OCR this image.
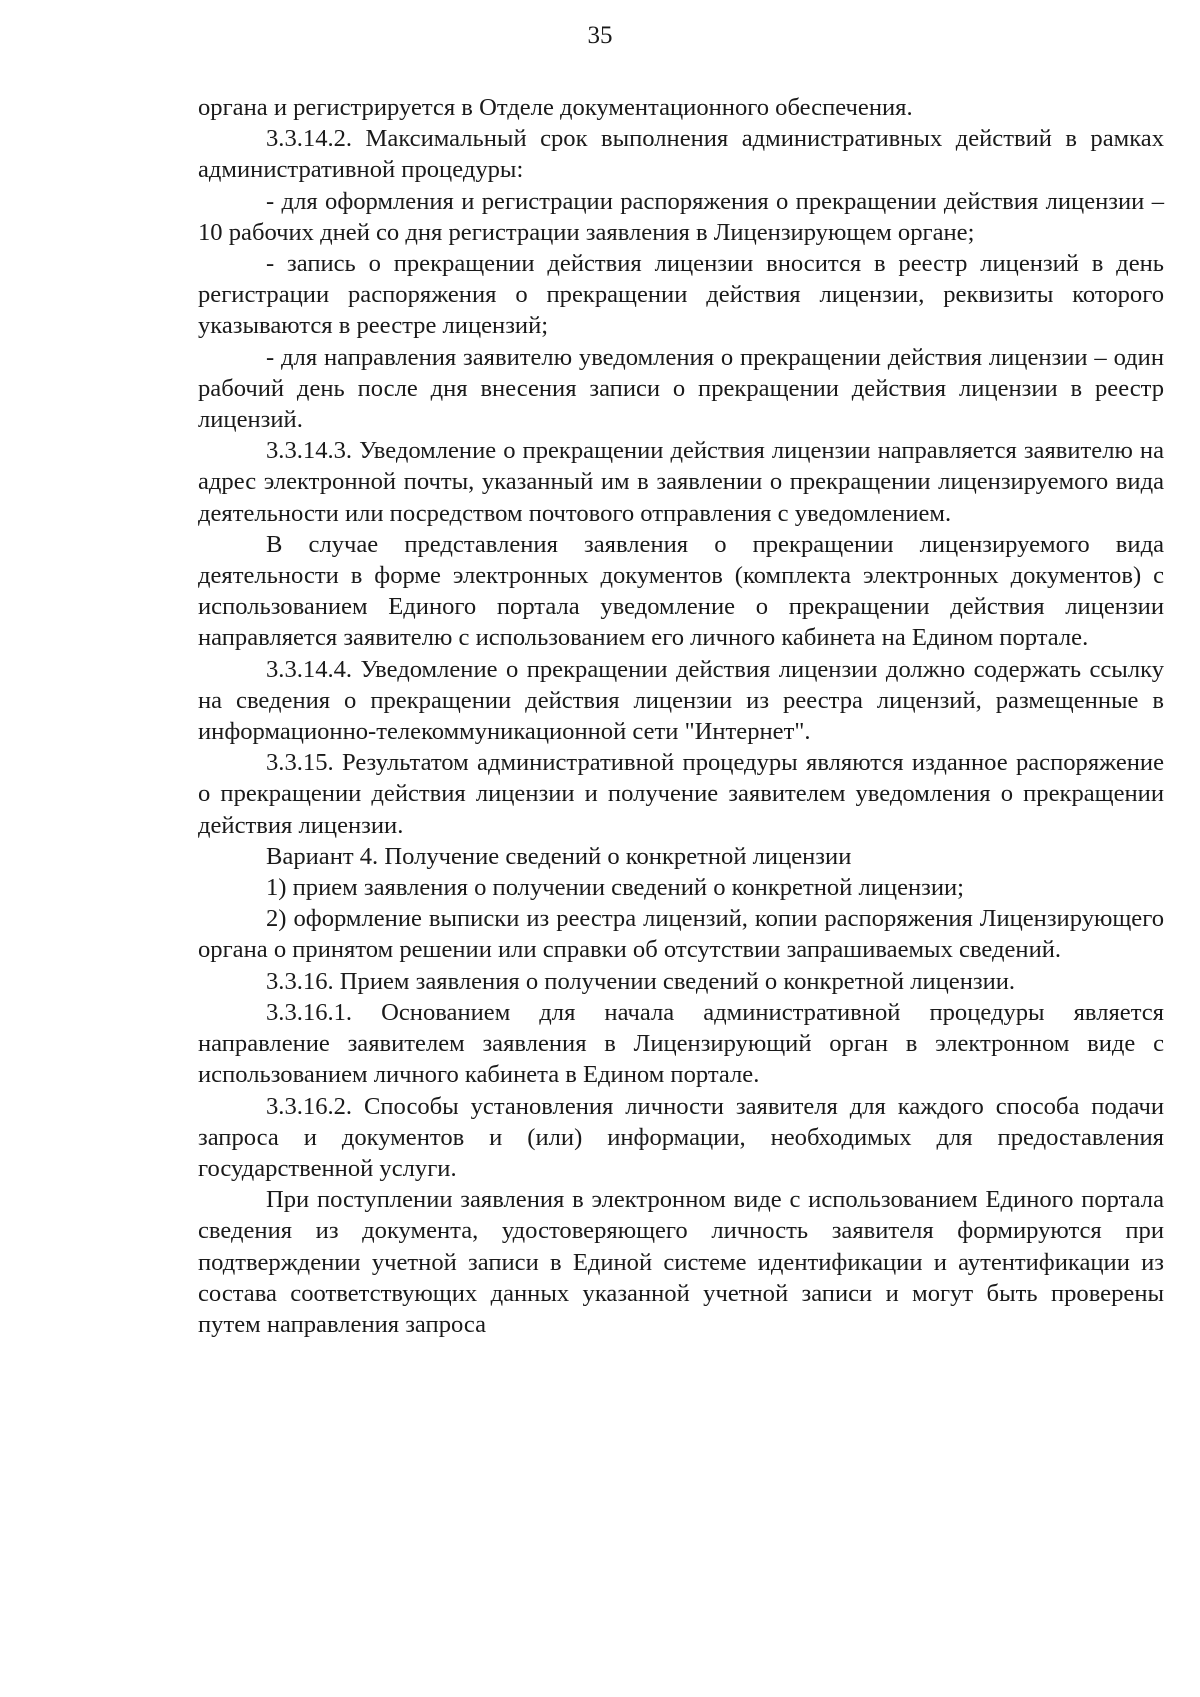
35

органа и регистрируется в Отделе документационного обеспечения.

3.3.14.2. Максимальный срок выполнения административных действий в рамках административной процедуры:

- для оформления и регистрации распоряжения о прекращении действия лицензии – 10 рабочих дней со дня регистрации заявления в Лицензирующем органе;

- запись о прекращении действия лицензии вносится в реестр лицензий в день регистрации распоряжения о прекращении действия лицензии, реквизиты которого указываются в реестре лицензий;

- для направления заявителю уведомления о прекращении действия лицензии – один рабочий день после дня внесения записи о прекращении действия лицензии в реестр лицензий.

3.3.14.3. Уведомление о прекращении действия лицензии направляется заявителю на адрес электронной почты, указанный им в заявлении о прекращении лицензируемого вида деятельности или посредством почтового отправления с уведомлением.

В случае представления заявления о прекращении лицензируемого вида деятельности в форме электронных документов (комплекта электронных документов) с использованием Единого портала уведомление о прекращении действия лицензии направляется заявителю с использованием его личного кабинета на Едином портале.

3.3.14.4. Уведомление о прекращении действия лицензии должно содержать ссылку на сведения о прекращении действия лицензии из реестра лицензий, размещенные в информационно-телекоммуникационной сети "Интернет".

3.3.15. Результатом административной процедуры являются изданное распоряжение о прекращении действия лицензии и получение заявителем уведомления о прекращении действия лицензии.

Вариант 4. Получение сведений о конкретной лицензии

1) прием заявления о получении сведений о конкретной лицензии;

2) оформление выписки из реестра лицензий, копии распоряжения Лицензирующего органа о принятом решении или справки об отсутствии запрашиваемых сведений.

3.3.16. Прием заявления о получении сведений о конкретной лицензии.

3.3.16.1. Основанием для начала административной процедуры является направление заявителем заявления в Лицензирующий орган в электронном виде с использованием личного кабинета в Едином портале.

3.3.16.2. Способы установления личности заявителя для каждого способа подачи запроса и документов и (или) информации, необходимых для предоставления государственной услуги.

При поступлении заявления в электронном виде с использованием Единого портала сведения из документа, удостоверяющего личность заявителя формируются при подтверждении учетной записи в Единой системе идентификации и аутентификации из состава соответствующих данных указанной учетной записи и могут быть проверены путем направления запроса
